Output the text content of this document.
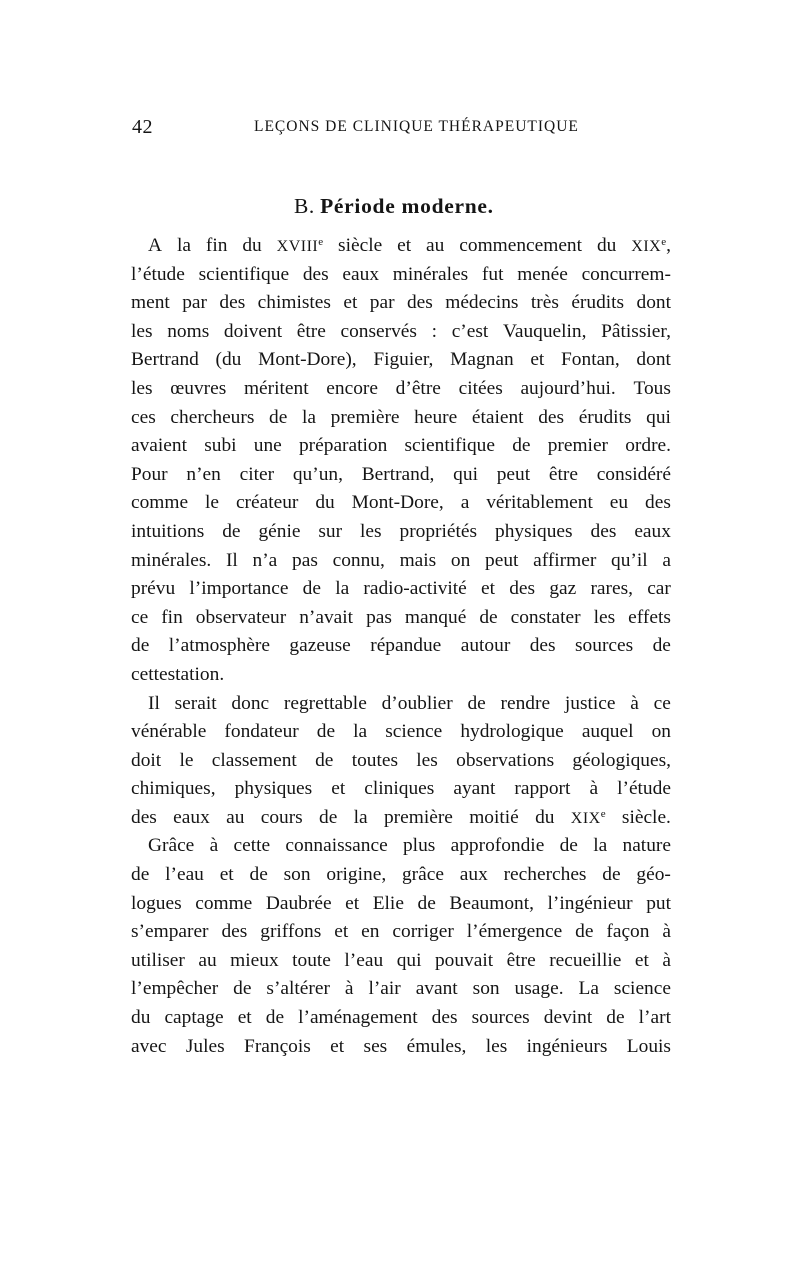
42	LEÇONS DE CLINIQUE THÉRAPEUTIQUE
B. Période moderne.
A la fin du XVIIIe siècle et au commencement du XIXe,
l’étude scientifique des eaux minérales fut menée concurrem-
ment par des chimistes et par des médecins très érudits dont
les noms doivent être conservés : c’est Vauquelin, Pâtissier,
Bertrand (du Mont-Dore), Figuier, Magnan et Fontan, dont
les œuvres méritent encore d’être citées aujourd’hui. Tous
ces chercheurs de la première heure étaient des érudits qui
avaient subi une préparation scientifique de premier ordre.
Pour n’en citer qu’un, Bertrand, qui peut être considéré
comme le créateur du Mont-Dore, a véritablement eu des
intuitions de génie sur les propriétés physiques des eaux
minérales. Il n’a pas connu, mais on peut affirmer qu’il a
prévu l’importance de la radio-activité et des gaz rares, car
ce fin observateur n’avait pas manqué de constater les effets
de l’atmosphère gazeuse répandue autour des sources de
cette station.
Il serait donc regrettable d’oublier de rendre justice à ce
vénérable fondateur de la science hydrologique auquel on
doit le classement de toutes les observations géologiques,
chimiques, physiques et cliniques ayant rapport à l’étude
des eaux au cours de la première moitié du XIXe siècle.
Grâce à cette connaissance plus approfondie de la nature
de l’eau et de son origine, grâce aux recherches de géo-
logues comme Daubrée et Elie de Beaumont, l’ingénieur put
s’emparer des griffons et en corriger l’émergence de façon à
utiliser au mieux toute l’eau qui pouvait être recueillie et à
l’empêcher de s’altérer à l’air avant son usage. La science
du captage et de l’aménagement des sources devint de l’art
avec Jules François et ses émules, les ingénieurs Louis
